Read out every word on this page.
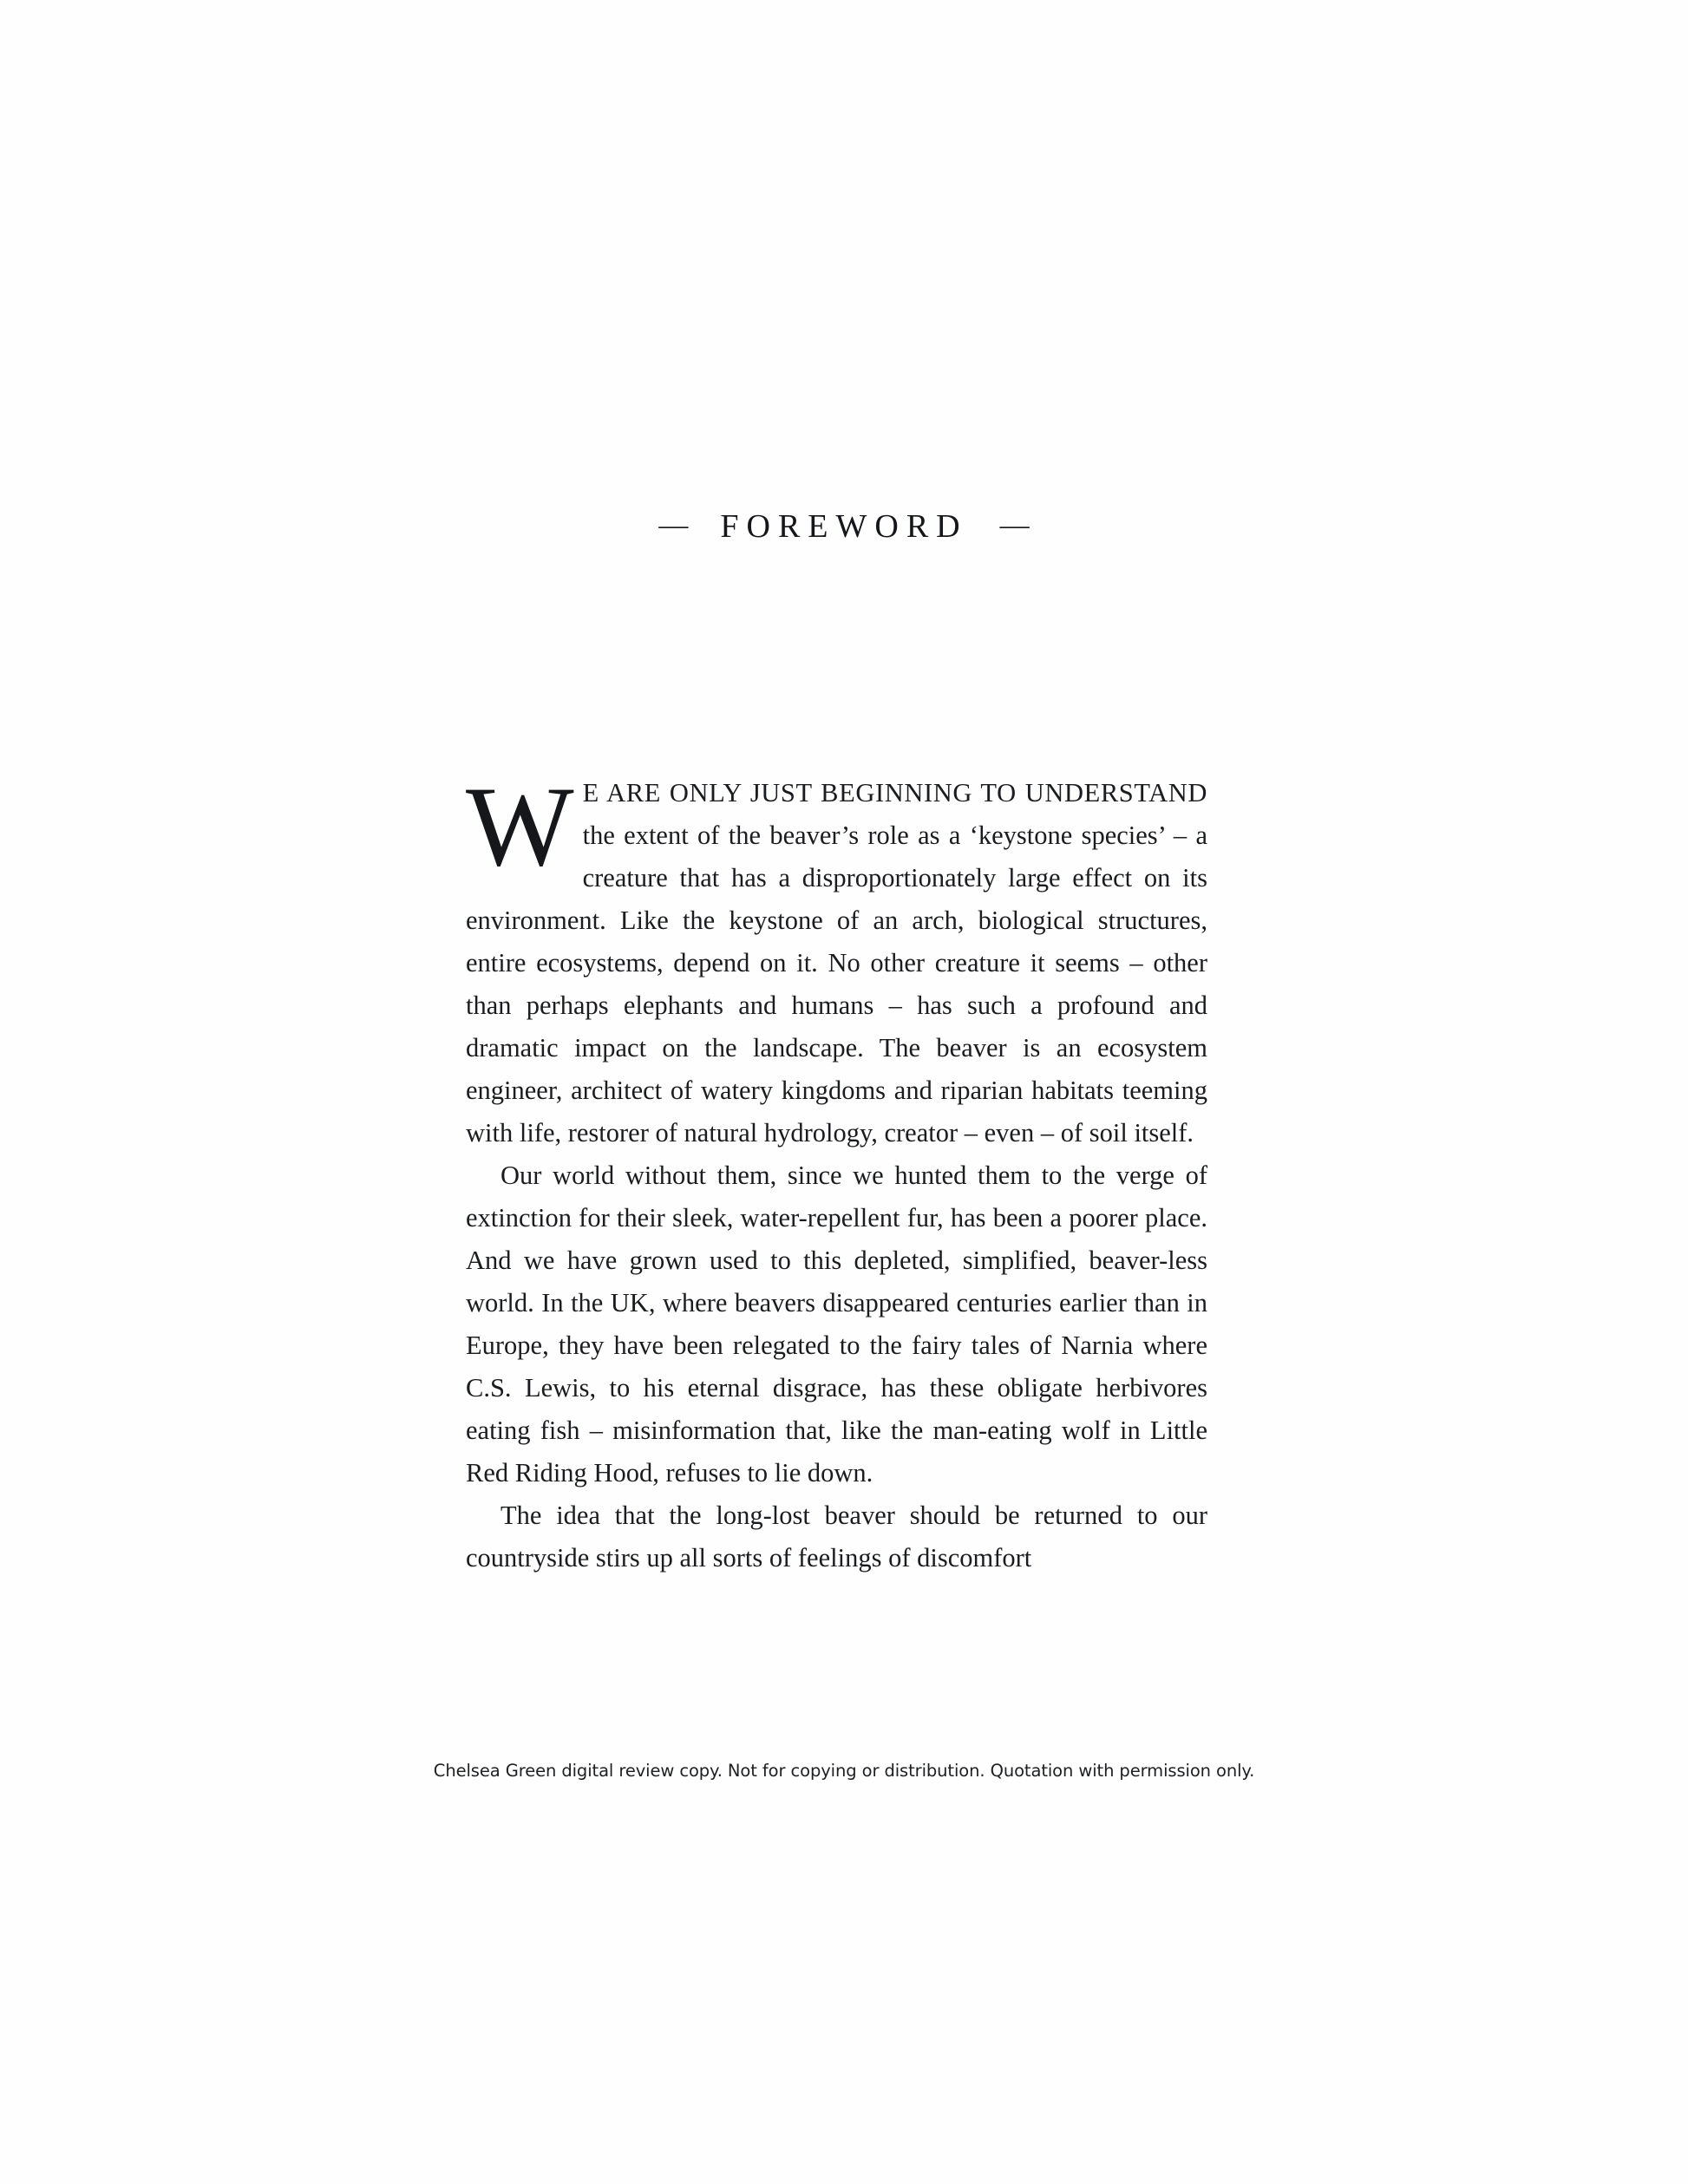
— FOREWORD —

W E ARE ONLY JUST BEGINNING TO UNDERSTAND the extent of the beaver’s role as a ‘keystone species’ – a creature that has a disproportionately large effect on its environment. Like the keystone of an arch, biological structures, entire ecosystems, depend on it. No other creature it seems – other than perhaps elephants and humans – has such a profound and dramatic impact on the landscape. The beaver is an ecosystem engineer, architect of watery kingdoms and riparian habitats teeming with life, restorer of natural hydrology, creator – even – of soil itself.

Our world without them, since we hunted them to the verge of extinction for their sleek, water-repellent fur, has been a poorer place. And we have grown used to this depleted, simplified, beaver-less world. In the UK, where beavers disappeared centuries earlier than in Europe, they have been relegated to the fairy tales of Narnia where C.S. Lewis, to his eternal disgrace, has these obligate herbivores eating fish – misinformation that, like the man-eating wolf in Little Red Riding Hood, refuses to lie down.

The idea that the long-lost beaver should be returned to our countryside stirs up all sorts of feelings of discomfort

Chelsea Green digital review copy. Not for copying or distribution. Quotation with permission only.
